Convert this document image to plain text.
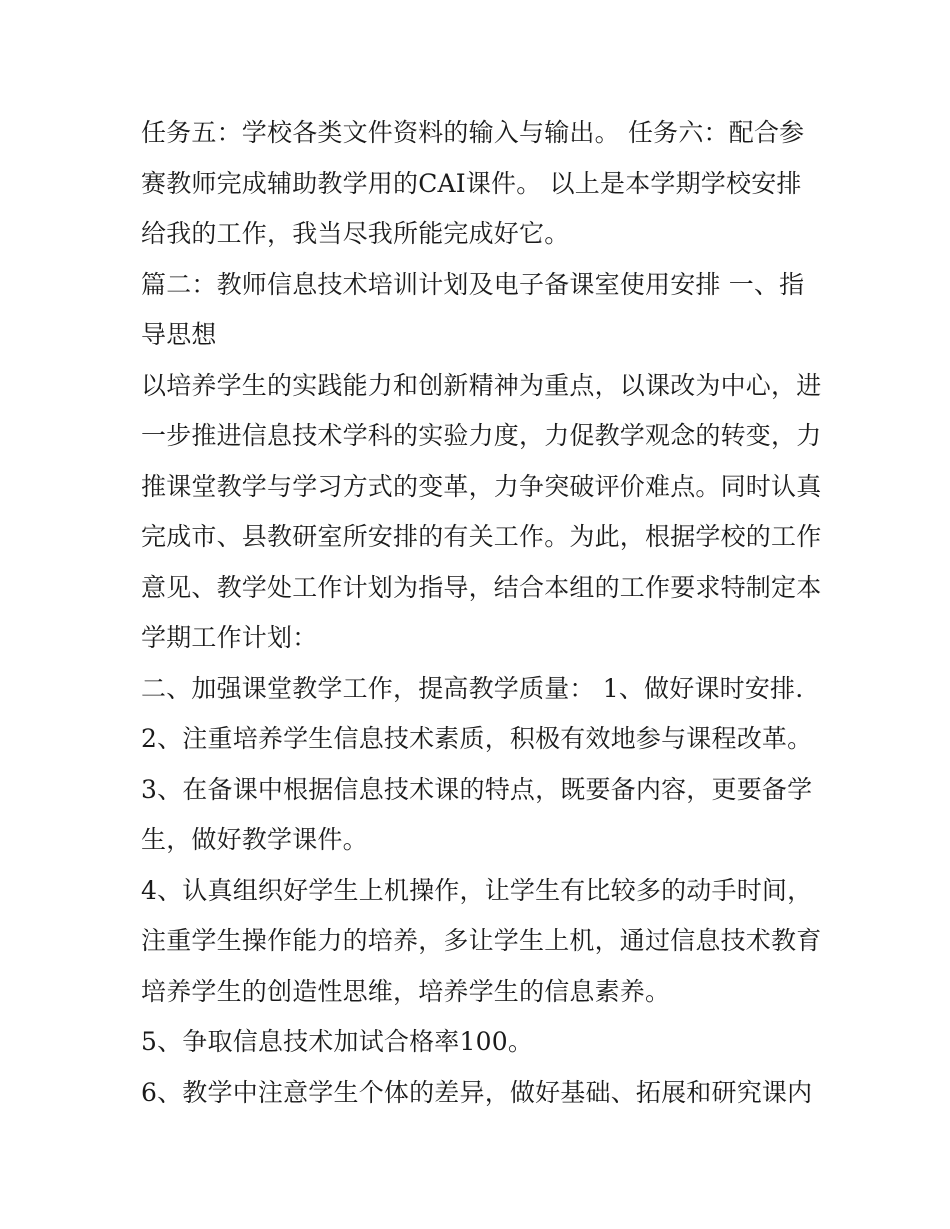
任务五：学校各类文件资料的输入与输出。 任务六：配合参
赛教师完成辅助教学用的CAI课件。 以上是本学期学校安排
给我的工作，我当尽我所能完成好它。
篇二：教师信息技术培训计划及电子备课室使用安排 一、指
导思想
以培养学生的实践能力和创新精神为重点，以课改为中心，进
一步推进信息技术学科的实验力度，力促教学观念的转变，力
推课堂教学与学习方式的变革，力争突破评价难点。同时认真
完成市、县教研室所安排的有关工作。为此，根据学校的工作
意见、教学处工作计划为指导，结合本组的工作要求特制定本
学期工作计划：
二、加强课堂教学工作，提高教学质量： 1、做好课时安排.
2、注重培养学生信息技术素质，积极有效地参与课程改革。
3、在备课中根据信息技术课的特点，既要备内容，更要备学
生，做好教学课件。
4、认真组织好学生上机操作，让学生有比较多的动手时间，
注重学生操作能力的培养，多让学生上机，通过信息技术教育
培养学生的创造性思维，培养学生的信息素养。
5、争取信息技术加试合格率100。
6、教学中注意学生个体的差异，做好基础、拓展和研究课内
